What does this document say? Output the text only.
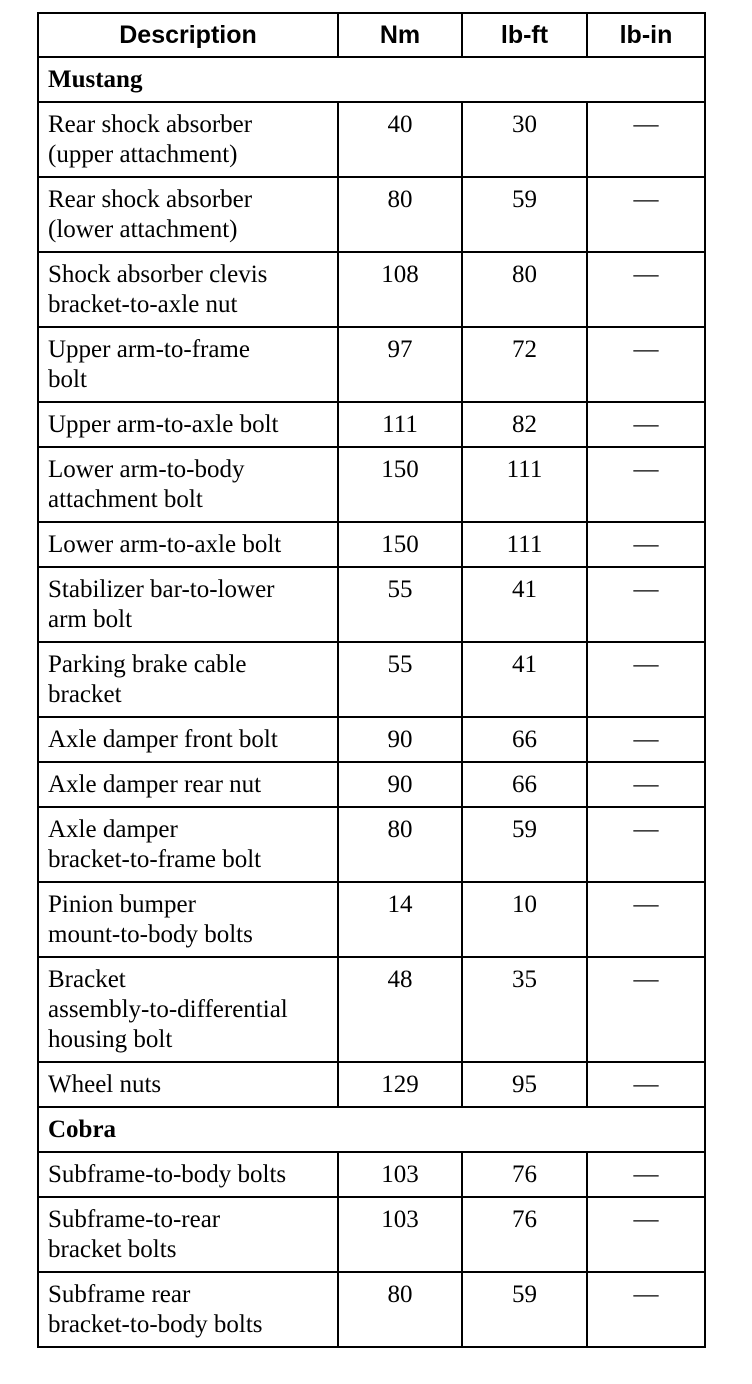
Description	Nm	lb-ft	lb-in
Mustang			

Rear shock absorber
(upper attachment)	40	30	—

Rear shock absorber
(lower attachment)	80	59	—

Shock absorber clevis
bracket-to-axle nut	108	80	—

Upper arm-to-frame
bolt	97	72	—

Upper arm-to-axle bolt	111	82	—

Lower arm-to-body
attachment bolt	150	111	—

Lower arm-to-axle bolt	150	111	—

Stabilizer bar-to-lower
arm bolt	55	41	—

Parking brake cable
bracket	55	41	—

Axle damper front bolt	90	66	—

Axle damper rear nut	90	66	—

Axle damper
bracket-to-frame bolt	80	59	—

Pinion bumper
mount-to-body bolts	14	10	—

Bracket
assembly-to-differential
housing bolt	48	35	—

Wheel nuts	129	95	—
Cobra			

Subframe-to-body bolts	103	76	—

Subframe-to-rear
bracket bolts	103	76	—

Subframe rear
bracket-to-body bolts	80	59	—
